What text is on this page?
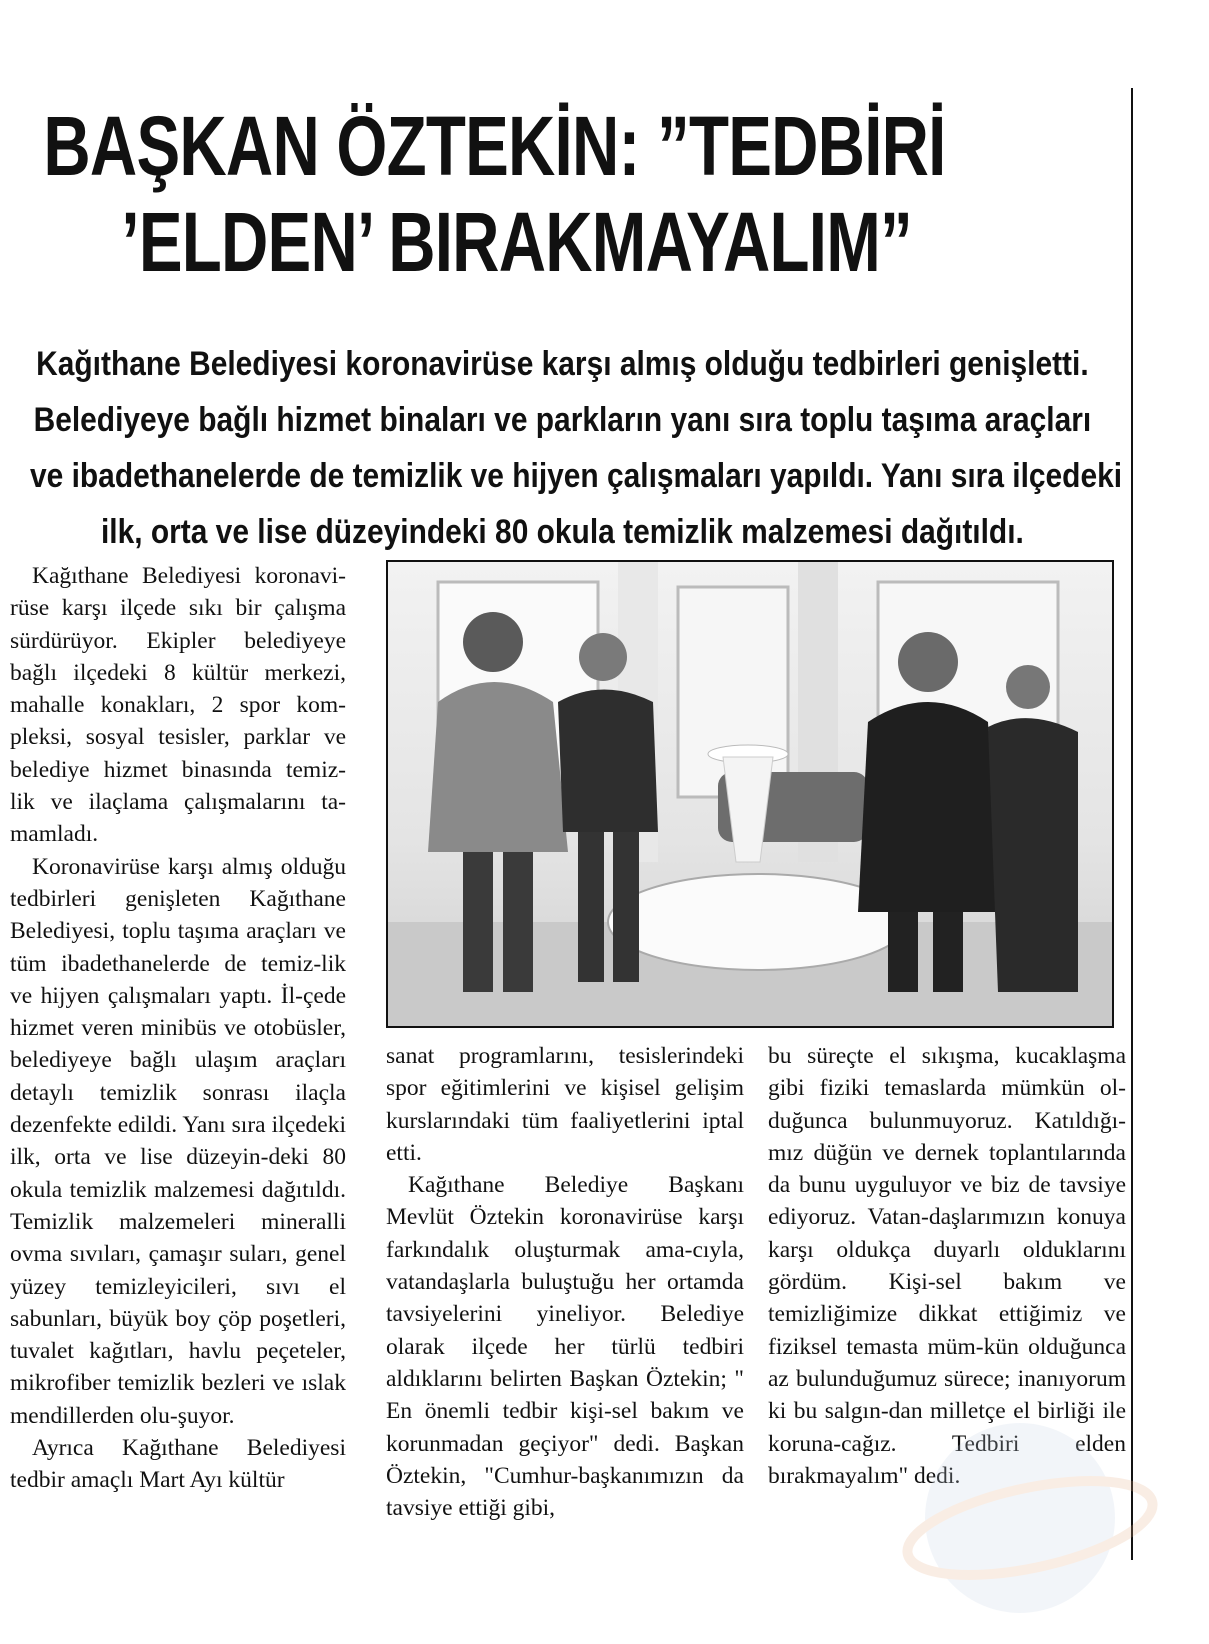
BAŞKAN ÖZTEKİN: ”TEDBİRİ
’ELDEN’ BIRAKMAYALIM”
Kağıthane Belediyesi koronavirüse karşı almış olduğu tedbirleri genişletti.
Belediyeye bağlı hizmet binaları ve parkların yanı sıra toplu taşıma araçları
ve ibadethanelerde de temizlik ve hijyen çalışmaları yapıldı. Yanı sıra ilçedeki
ilk, orta ve lise düzeyindeki 80 okula temizlik malzemesi dağıtıldı.

Kağıthane Belediyesi koronavi-rüse karşı ilçede sıkı bir çalışma sürdürüyor. Ekipler belediyeye bağlı ilçedeki 8 kültür merkezi, mahalle konakları, 2 spor kom-pleksi, sosyal tesisler, parklar ve belediye hizmet binasında temiz-lik ve ilaçlama çalışmalarını ta-mamladı.

Koronavirüse karşı almış olduğu tedbirleri genişleten Kağıthane Belediyesi, toplu taşıma araçları ve tüm ibadethanelerde de temiz-lik ve hijyen çalışmaları yaptı. İl-çede hizmet veren minibüs ve otobüsler, belediyeye bağlı ulaşım araçları detaylı temizlik sonrası ilaçla dezenfekte edildi. Yanı sıra ilçedeki ilk, orta ve lise düzeyin-deki 80 okula temizlik malzemesi dağıtıldı. Temizlik malzemeleri mineralli ovma sıvıları, çamaşır suları, genel yüzey temizleyicileri, sıvı el sabunları, büyük boy çöp poşetleri, tuvalet kağıtları, havlu peçeteler, mikrofiber temizlik bezleri ve ıslak mendillerden olu-şuyor.

Ayrıca Kağıthane Belediyesi tedbir amaçlı Mart Ayı kültür

sanat programlarını, tesislerindeki spor eğitimlerini ve kişisel gelişim kurslarındaki tüm faaliyetlerini iptal etti.

Kağıthane Belediye Başkanı Mevlüt Öztekin koronavirüse karşı farkındalık oluşturmak ama-cıyla, vatandaşlarla buluştuğu her ortamda tavsiyelerini yineliyor. Belediye olarak ilçede her türlü tedbiri aldıklarını belirten Başkan Öztekin; " En önemli tedbir kişi-sel bakım ve korunmadan geçiyor" dedi. Başkan Öztekin, "Cumhur-başkanımızın da tavsiye ettiği gibi,

bu süreçte el sıkışma, kucaklaşma gibi fiziki temaslarda mümkün ol-duğunca bulunmuyoruz. Katıldığı-mız düğün ve dernek toplantılarında da bunu uyguluyor ve biz de tavsiye ediyoruz. Vatan-daşlarımızın konuya karşı oldukça duyarlı olduklarını gördüm. Kişi-sel bakım ve temizliğimize dikkat ettiğimiz ve fiziksel temasta müm-kün olduğunca az bulunduğumuz sürece; inanıyorum ki bu salgın-dan milletçe el birliği ile koruna-cağız. Tedbiri elden bırakmayalım" dedi.
